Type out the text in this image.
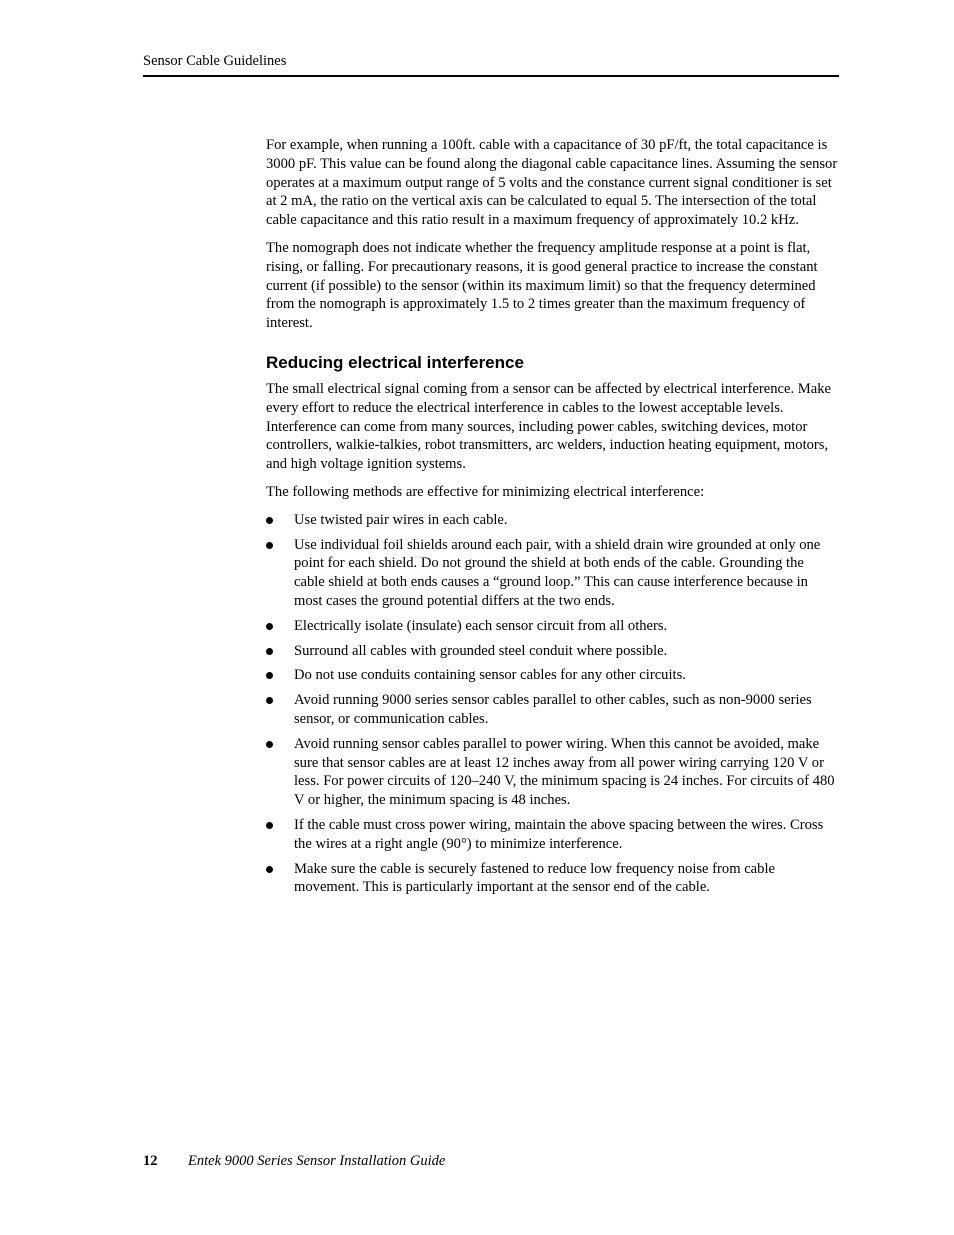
Sensor Cable Guidelines

For example, when running a 100ft. cable with a capacitance of 30 pF/ft, the total capacitance is 3000 pF. This value can be found along the diagonal cable capacitance lines. Assuming the sensor operates at a maximum output range of 5 volts and the constance current signal conditioner is set at 2 mA, the ratio on the vertical axis can be calculated to equal 5. The intersection of the total cable capacitance and this ratio result in a maximum frequency of approximately 10.2 kHz.

The nomograph does not indicate whether the frequency amplitude response at a point is flat, rising, or falling. For precautionary reasons, it is good general practice to increase the constant current (if possible) to the sensor (within its maximum limit) so that the frequency determined from the nomograph is approximately 1.5 to 2 times greater than the maximum frequency of interest.

Reducing electrical interference

The small electrical signal coming from a sensor can be affected by electrical interference. Make every effort to reduce the electrical interference in cables to the lowest acceptable levels. Interference can come from many sources, including power cables, switching devices, motor controllers, walkie-talkies, robot transmitters, arc welders, induction heating equipment, motors, and high voltage ignition systems.

The following methods are effective for minimizing electrical interference:

Use twisted pair wires in each cable.
Use individual foil shields around each pair, with a shield drain wire grounded at only one point for each shield. Do not ground the shield at both ends of the cable. Grounding the cable shield at both ends causes a “ground loop.” This can cause interference because in most cases the ground potential differs at the two ends.
Electrically isolate (insulate) each sensor circuit from all others.
Surround all cables with grounded steel conduit where possible.
Do not use conduits containing sensor cables for any other circuits.
Avoid running 9000 series sensor cables parallel to other cables, such as non-9000 series sensor, or communication cables.
Avoid running sensor cables parallel to power wiring. When this cannot be avoided, make sure that sensor cables are at least 12 inches away from all power wiring carrying 120 V or less. For power circuits of 120–240 V, the minimum spacing is 24 inches. For circuits of 480 V or higher, the minimum spacing is 48 inches.
If the cable must cross power wiring, maintain the above spacing between the wires. Cross the wires at a right angle (90°) to minimize interference.
Make sure the cable is securely fastened to reduce low frequency noise from cable movement. This is particularly important at the sensor end of the cable.
12 Entek 9000 Series Sensor Installation Guide
